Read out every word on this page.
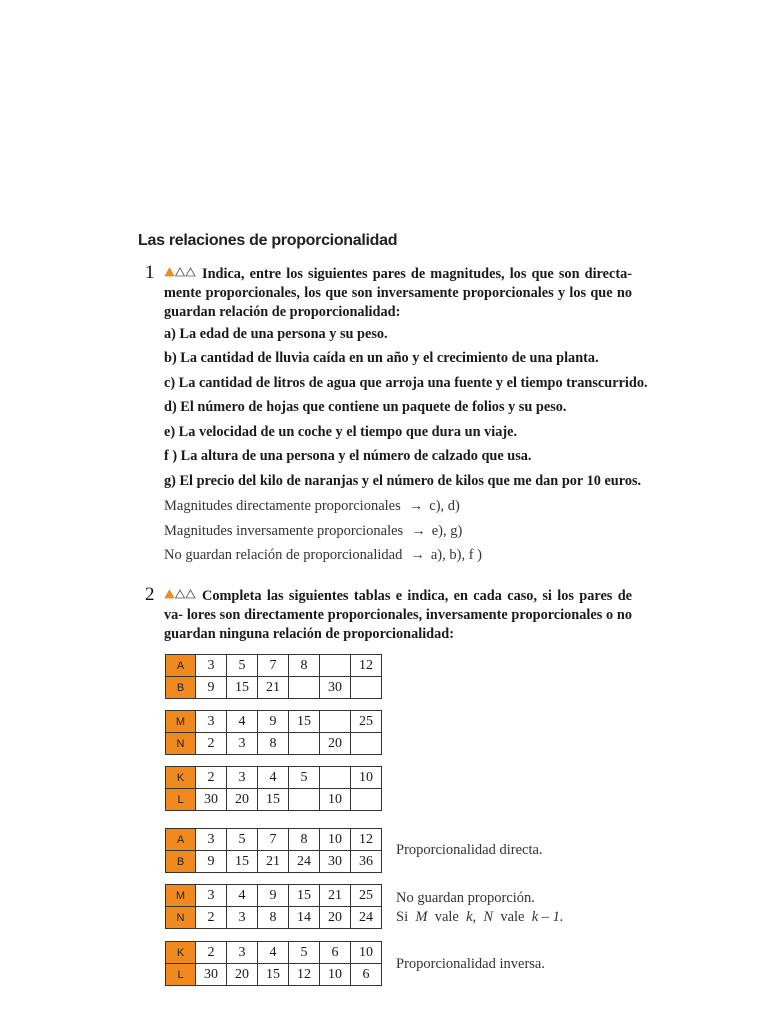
Las relaciones de proporcionalidad
1	Indica, entre los siguientes pares de magnitudes, los que son directa- mente proporcionales, los que son inversamente proporcionales y los que no guardan relación de proporcionalidad:
a) La edad de una persona y su peso.
b) La cantidad de lluvia caída en un año y el crecimiento de una planta.
c) La cantidad de litros de agua que arroja una fuente y el tiempo transcurrido.
d) El número de hojas que contiene un paquete de folios y su peso.
e) La velocidad de un coche y el tiempo que dura un viaje.
f ) La altura de una persona y el número de calzado que usa.
g) El precio del kilo de naranjas y el número de kilos que me dan por 10 euros.
Magnitudes directamente proporcionales → c), d)
Magnitudes inversamente proporcionales → e), g)
No guardan relación de proporcionalidad → a), b), f )
2	Completa las siguientes tablas e indica, en cada caso, si los pares de va- lores son directamente proporcionales, inversamente proporcionales o no guardan ninguna relación de proporcionalidad:
A	3	5	7	8		12
B	9	15	21		30	
M	3	4	9	15		25
N	2	3	8		20	
K	2	3	4	5		10
L	30	20	15		10	
A	3	5	7	8	10	12
B	9	15	21	24	30	36
Proporcionalidad directa.
M	3	4	9	15	21	25
N	2	3	8	14	20	24
No guardan proporción.
Si M vale k, N vale k – 1.
K	2	3	4	5	6	10
L	30	20	15	12	10	6
Proporcionalidad inversa.
